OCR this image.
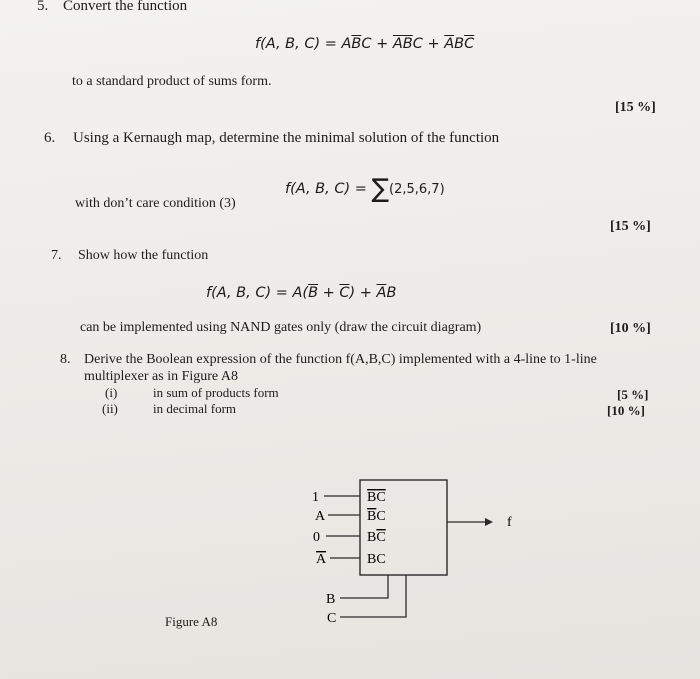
5. Convert the function
f(A, B, $C) = A\overline{B}C + \overline{A}\overline{B}C + \overline{A}B\overline{C}$
to a standard product of sums form.
[15 %]
6. Using a Kernaugh map, determine the minimal solution of the function
f(A, B, C) = ∑(2,5,6,7)
with don’t care condition (3)
[15 %]
7. Show how the function
f(A, B, $C) = A(\overline{B} + \overline{C}) + \overline{A}B$
can be implemented using NAND gates only (draw the circuit diagram)	[10 %]
8. Derive the Boolean expression of the function f(A,B,C) implemented with a 4-line to 1-line
multiplexer as in Figure A8
(i)	in sum of products form	[5 %]
(ii)	in decimal form	[10 %]
1
A
0
A
BC
BC
BC
BC
f
B
C
Figure A8
